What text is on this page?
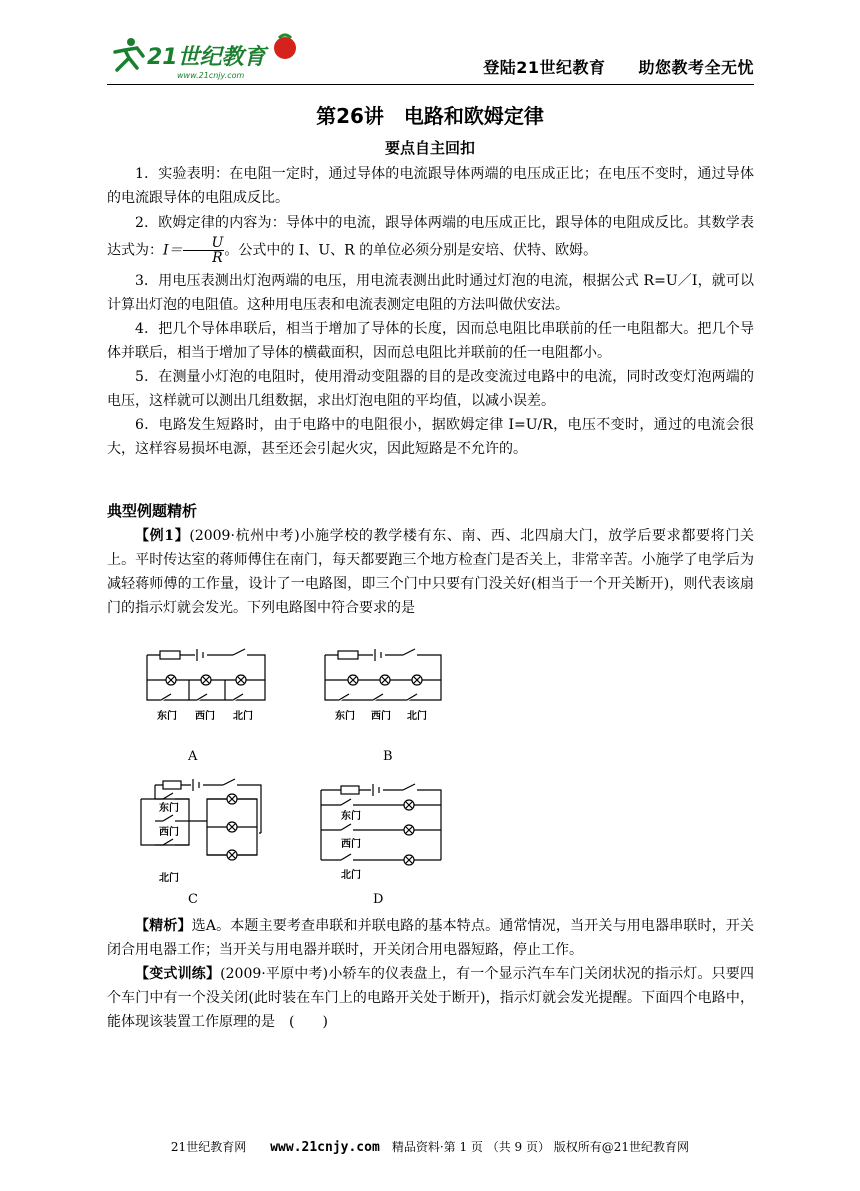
21世纪教育
www.21cnjy.com	登陆21世纪教育　　 助您教考全无忧
第26讲　电路和欧姆定律
要点自主回扣

1．实验表明：在电阻一定时，通过导体的电流跟导体两端的电压成正比；在电压不变时，通过导体的电流跟导体的电阻成反比。

2．欧姆定律的内容为：导体中的电流，跟导体两端的电压成正比，跟导体的电阻成反比。其数学表达式为：$I= \frac{U}{R}$ 。公式中的 I、U、R 的单位必须分别是安培、伏特、欧姆。

3．用电压表测出灯泡两端的电压，用电流表测出此时通过灯泡的电流，根据公式 R=U／I，就可以计算出灯泡的电阻值。这种用电压表和电流表测定电阻的方法叫做伏安法。

4．把几个导体串联后，相当于增加了导体的长度，因而总电阻比串联前的任一电阻都大。把几个导体并联后，相当于增加了导体的横截面积，因而总电阻比并联前的任一电阻都小。

5．在测量小灯泡的电阻时，使用滑动变阻器的目的是改变流过电路中的电流，同时改变灯泡两端的电压，这样就可以测出几组数据，求出灯泡电阻的平均值，以减小误差。

6．电路发生短路时，由于电路中的电阻很小，据欧姆定律 I=U/R，电压不变时，通过的电流会很大，这样容易损坏电源，甚至还会引起火灾，因此短路是不允许的。

典型例题精析

【例1】(2009·杭州中考)小施学校的教学楼有东、南、西、北四扇大门，放学后要求都要将门关上。平时传达室的蒋师傅住在南门，每天都要跑三个地方检查门是否关上，非常辛苦。小施学了电学后为减轻蒋师傅的工作量，设计了一电路图，即三个门中只要有门没关好(相当于一个开关断开)，则代表该扇门的指示灯就会发光。下列电路图中符合要求的是

东门 西门 北门
A
东门 西门 北门
B
东门
西门
北门
C
东门
西门
北门
D

【精析】选A。本题主要考查串联和并联电路的基本特点。通常情况，当开关与用电器串联时，开关闭合用电器工作；当开关与用电器并联时，开关闭合用电器短路，停止工作。

【变式训练】(2009·平原中考)小轿车的仪表盘上，有一个显示汽车车门关闭状况的指示灯。只要四个车门中有一个没关闭(此时装在车门上的电路开关处于断开)，指示灯就会发光提醒。下面四个电路中，能体现该装置工作原理的是　(　　)

21世纪教育网　　 www.21cnjy.com　 精品资料·第 1 页 （共 9 页） 版权所有@21世纪教育网
